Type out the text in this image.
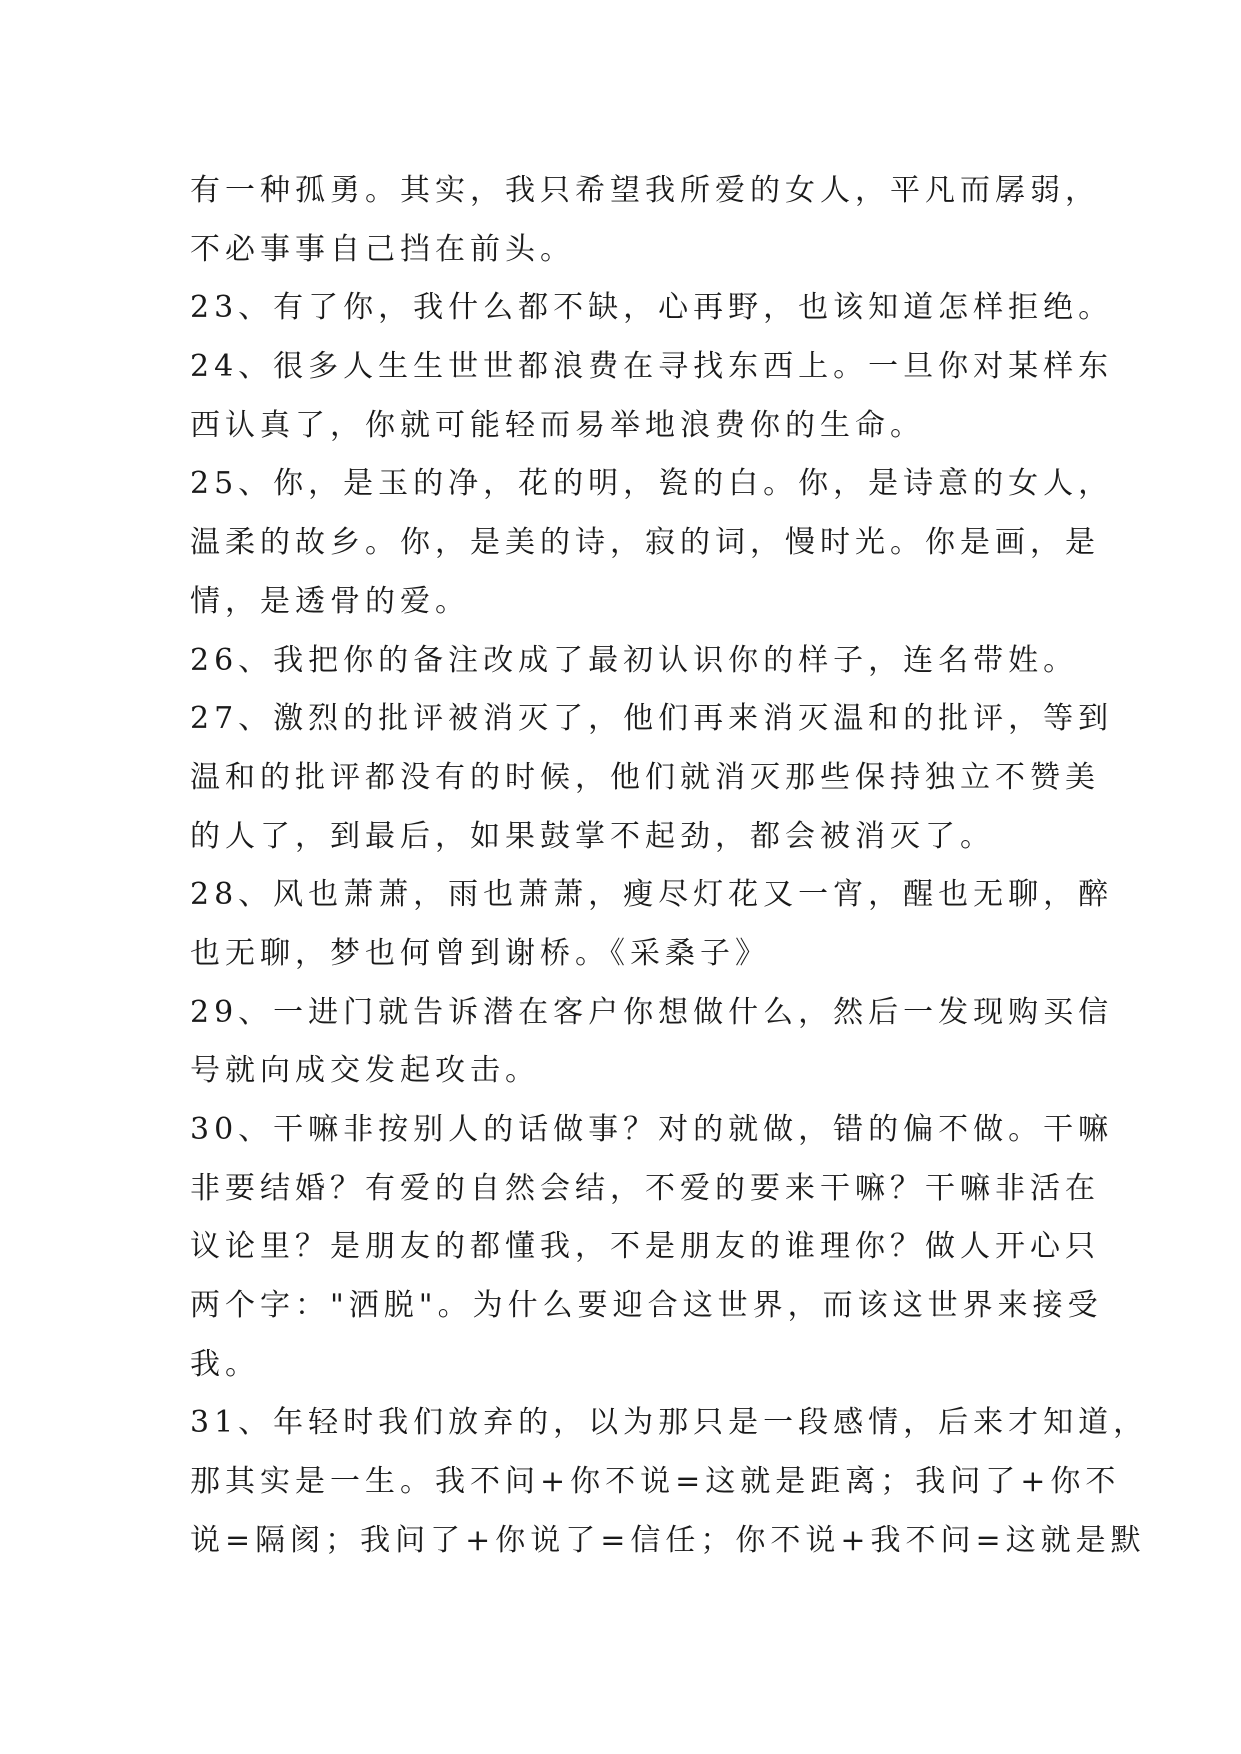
有一种孤勇。其实，我只希望我所爱的女人，平凡而孱弱，
不必事事自己挡在前头。
23、有了你，我什么都不缺，心再野，也该知道怎样拒绝。
24、很多人生生世世都浪费在寻找东西上。一旦你对某样东
西认真了，你就可能轻而易举地浪费你的生命。
25、你，是玉的净，花的明，瓷的白。你，是诗意的女人，
温柔的故乡。你，是美的诗，寂的词，慢时光。你是画，是
情，是透骨的爱。
26、我把你的备注改成了最初认识你的样子，连名带姓。
27、激烈的批评被消灭了，他们再来消灭温和的批评，等到
温和的批评都没有的时候，他们就消灭那些保持独立不赞美
的人了，到最后，如果鼓掌不起劲，都会被消灭了。
28、风也萧萧，雨也萧萧，瘦尽灯花又一宵，醒也无聊，醉
也无聊，梦也何曾到谢桥。《采桑子》
29、一进门就告诉潜在客户你想做什么，然后一发现购买信
号就向成交发起攻击。
30、干嘛非按别人的话做事？对的就做，错的偏不做。干嘛
非要结婚？有爱的自然会结，不爱的要来干嘛？干嘛非活在
议论里？是朋友的都懂我，不是朋友的谁理你？做人开心只
两个字："洒脱"。为什么要迎合这世界，而该这世界来接受
我。
31、年轻时我们放弃的，以为那只是一段感情，后来才知道，
那其实是一生。我不问+你不说=这就是距离；我问了+你不
说=隔阂；我问了+你说了=信任；你不说+我不问=这就是默
